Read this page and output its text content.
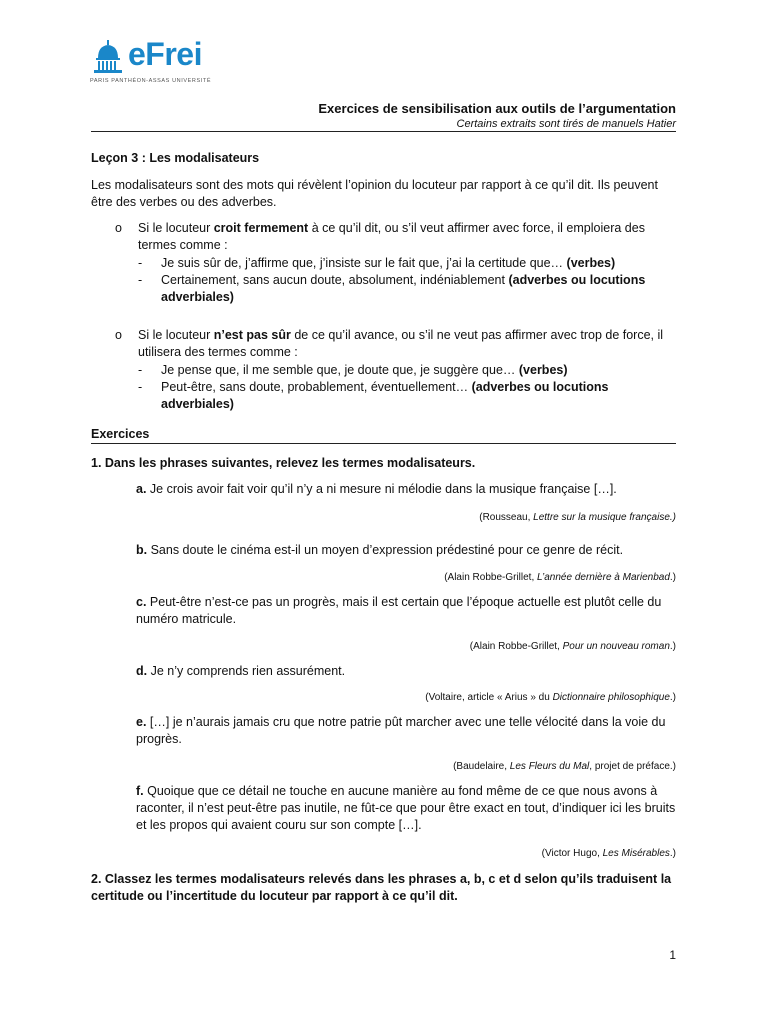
eFrei
PARIS PANTHÉON-ASSAS UNIVERSITÉ
Exercices de sensibilisation aux outils de l’argumentation
Certains extraits sont tirés de manuels Hatier
Leçon 3 : Les modalisateurs
Les modalisateurs sont des mots qui révèlent l’opinion du locuteur par rapport à ce qu’il dit. Ils peuvent être des verbes ou des adverbes.
o Si le locuteur croit fermement à ce qu’il dit, ou s’il veut affirmer avec force, il emploiera des termes comme :
- Je suis sûr de, j’affirme que, j’insiste sur le fait que, j’ai la certitude que… (verbes)
- Certainement, sans aucun doute, absolument, indéniablement (adverbes ou locutions adverbiales)
o Si le locuteur n’est pas sûr de ce qu’il avance, ou s’il ne veut pas affirmer avec trop de force, il utilisera des termes comme :
- Je pense que, il me semble que, je doute que, je suggère que… (verbes)
- Peut-être, sans doute, probablement, éventuellement… (adverbes ou locutions adverbiales)
Exercices
1. Dans les phrases suivantes, relevez les termes modalisateurs.
a. Je crois avoir fait voir qu’il n’y a ni mesure ni mélodie dans la musique française […].
(Rousseau, Lettre sur la musique française.)
b. Sans doute le cinéma est-il un moyen d’expression prédestiné pour ce genre de récit.
(Alain Robbe-Grillet, L’année dernière à Marienbad.)
c. Peut-être n’est-ce pas un progrès, mais il est certain que l’époque actuelle est plutôt celle du numéro matricule.
(Alain Robbe-Grillet, Pour un nouveau roman.)
d. Je n’y comprends rien assurément.
(Voltaire, article « Arius » du Dictionnaire philosophique.)
e. […] je n’aurais jamais cru que notre patrie pût marcher avec une telle vélocité dans la voie du progrès.
(Baudelaire, Les Fleurs du Mal, projet de préface.)
f. Quoique que ce détail ne touche en aucune manière au fond même de ce que nous avons à raconter, il n’est peut-être pas inutile, ne fût-ce que pour être exact en tout, d’indiquer ici les bruits et les propos qui avaient couru sur son compte […].
(Victor Hugo, Les Misérables.)
2. Classez les termes modalisateurs relevés dans les phrases a, b, c et d selon qu’ils traduisent la certitude ou l’incertitude du locuteur par rapport à ce qu’il dit.
1
